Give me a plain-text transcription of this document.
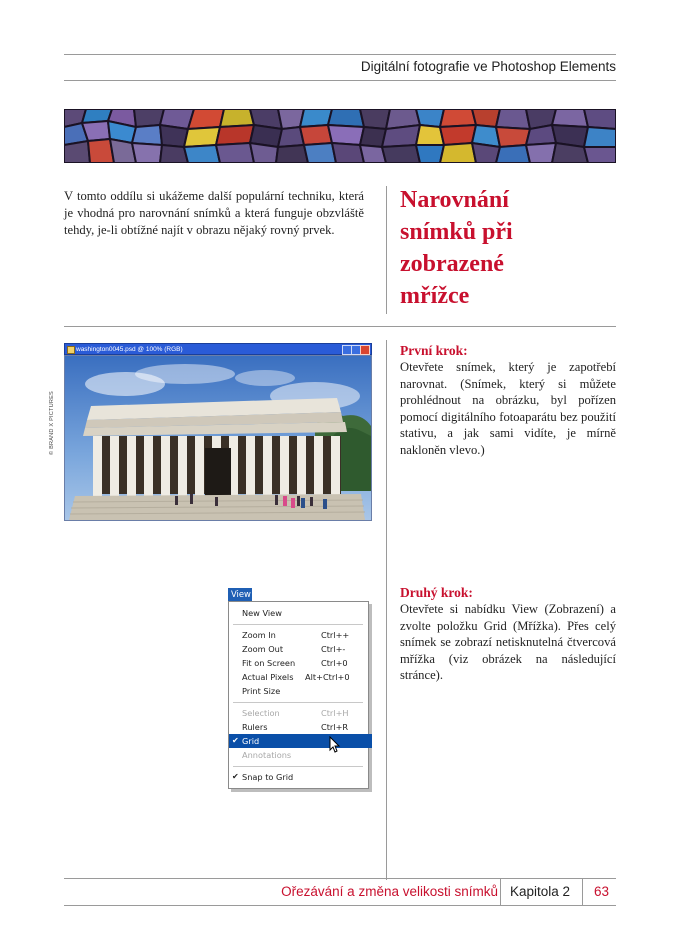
Digitální fotografie ve Photoshop Elements
V tomto oddílu si ukážeme další populární techniku, která je vhodná pro narovnání snímků a která funguje obzvláště tehdy, je-li obtížné najít v obrazu nějaký rovný prvek.
Narovnání
snímků při
zobrazené
mřížce
První krok:
Otevřete snímek, který je zapotřebí narovnat. (Snímek, který si můžete prohlédnout na obrázku, byl pořízen pomocí digitálního fotoaparátu bez použití stativu, a jak sami vidíte, je mírně nakloněn vlevo.)
Druhý krok:
Otevřete si nabídku View (Zobrazení) a zvolte položku Grid (Mřížka). Přes celý snímek se zobrazí netisknutelná čtvercová mřížka (viz obrázek na následující stránce).
© BRAND X PICTURES
washington0045.psd @ 100% (RGB)
View
New View
Zoom In	Ctrl++
Zoom Out	Ctrl+-
Fit on Screen	Ctrl+0
Actual Pixels Alt+Ctrl+0
Print Size
Selection	Ctrl+H
Rulers	Ctrl+R
✔ Grid
Annotations
✔ Snap to Grid
Ořezávání a změna velikosti snímků Kapitola 2 63
